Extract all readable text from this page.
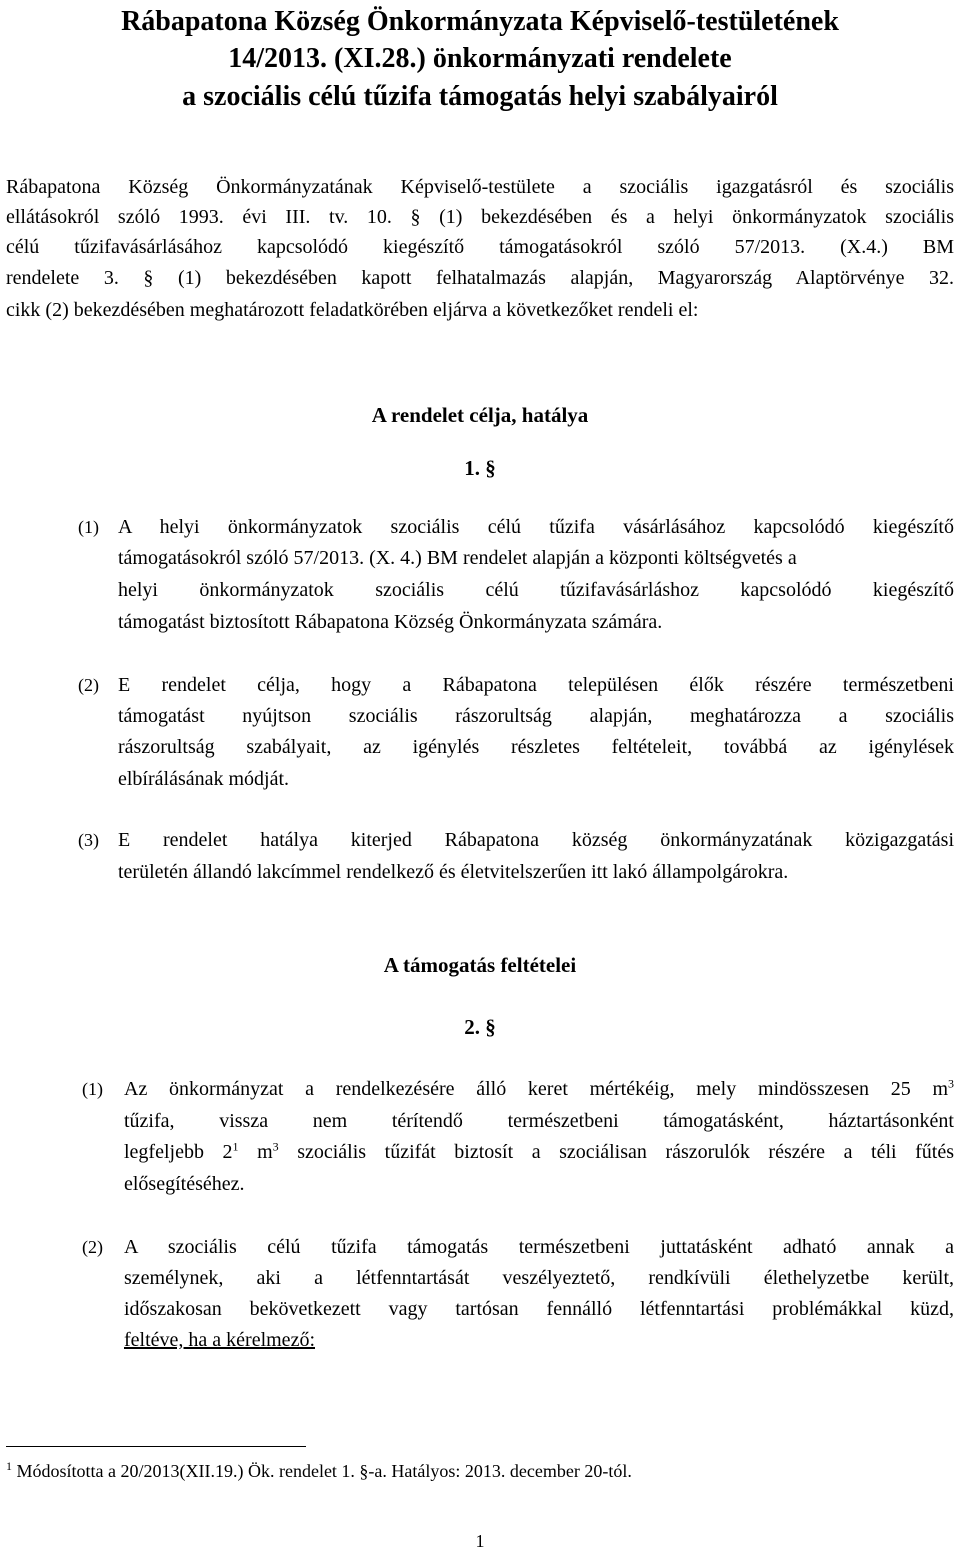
Rábapatona Község Önkormányzata Képviselő-testületének
14/2013. (XI.28.) önkormányzati rendelete
a szociális célú tűzifa támogatás helyi szabályairól
Rábapatona Község Önkormányzatának Képviselő-testülete a szociális igazgatásról és szociális
ellátásokról szóló 1993. évi III. tv. 10. § (1) bekezdésében és a helyi önkormányzatok szociális
célú tűzifavásárlásához kapcsolódó kiegészítő támogatásokról szóló 57/2013. (X.4.) BM
rendelete 3. § (1) bekezdésében kapott felhatalmazás alapján, Magyarország Alaptörvénye 32.
cikk (2) bekezdésében meghatározott feladatkörében eljárva a következőket rendeli el:
A rendelet célja, hatálya
1. §
(1) A helyi önkormányzatok szociális célú tűzifa vásárlásához kapcsolódó kiegészítő
támogatásokról szóló 57/2013. (X. 4.) BM rendelet alapján a központi költségvetés a
helyi önkormányzatok szociális célú tűzifavásárláshoz kapcsolódó kiegészítő
támogatást biztosított Rábapatona Község Önkormányzata számára.
(2) E rendelet célja, hogy a Rábapatona településen élők részére természetbeni
támogatást nyújtson szociális rászorultság alapján, meghatározza a szociális
rászorultság szabályait, az igénylés részletes feltételeit, továbbá az igénylések
elbírálásának módját.
(3) E rendelet hatálya kiterjed Rábapatona község önkormányzatának közigazgatási
területén állandó lakcímmel rendelkező és életvitelszerűen itt lakó állampolgárokra.
A támogatás feltételei
2. §
(1) Az önkormányzat a rendelkezésére álló keret mértékéig, mely mindösszesen 25 $m^3$
tűzifa, vissza nem térítendő természetbeni támogatásként, háztartásonként
legfeljebb $2^1$ $m^3$ szociális tűzifát biztosít a szociálisan rászorulók részére a téli fűtés
elősegítéséhez.
(2) A szociális célú tűzifa támogatás természetbeni juttatásként adható annak a
személynek, aki a létfenntartását veszélyeztető, rendkívüli élethelyzetbe került,
időszakosan bekövetkezett vagy tartósan fennálló létfenntartási problémákkal küzd,
feltéve, ha a kérelmező:
$^1$ Módosította a 20/2013(XII.19.) Ök. rendelet 1. §-a. Hatályos: 2013. december 20-tól.
1
